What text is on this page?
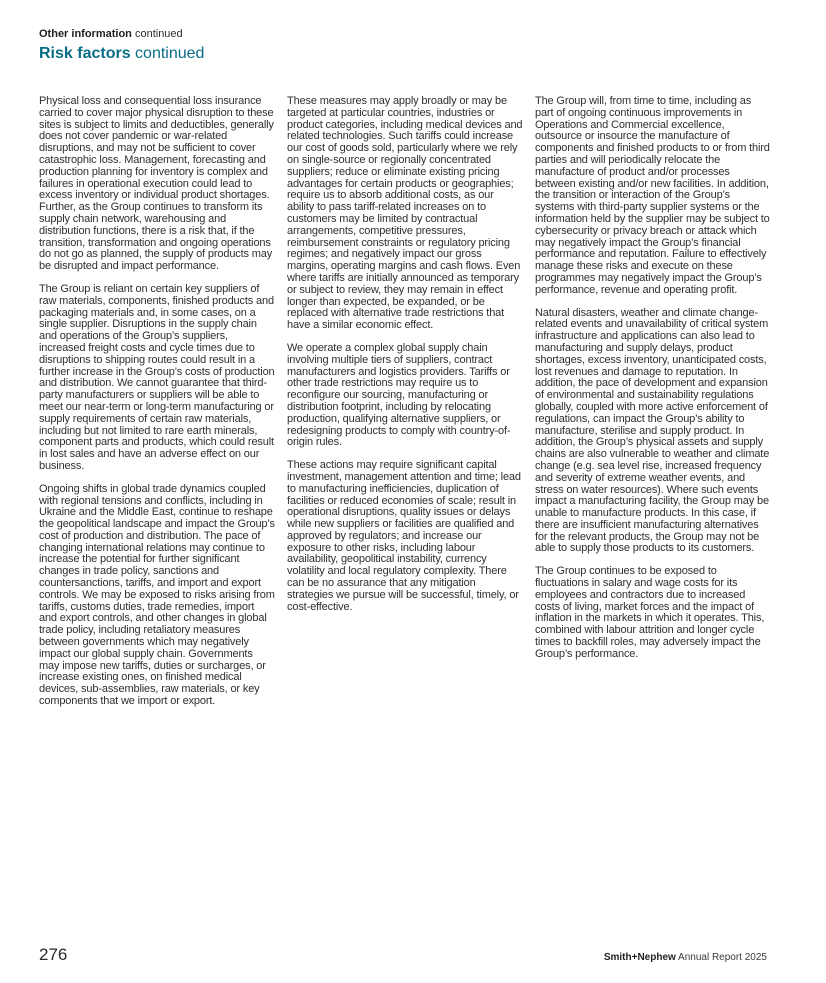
Other information continued
Risk factors continued

Physical loss and consequential loss insurance carried to cover major physical disruption to these sites is subject to limits and deductibles, generally does not cover pandemic or war-related disruptions, and may not be sufficient to cover catastrophic loss. Management, forecasting and production planning for inventory is complex and failures in operational execution could lead to excess inventory or individual product shortages. Further, as the Group continues to transform its supply chain network, warehousing and distribution functions, there is a risk that, if the transition, transformation and ongoing operations do not go as planned, the supply of products may be disrupted and impact performance.

The Group is reliant on certain key suppliers of raw materials, components, finished products and packaging materials and, in some cases, on a single supplier. Disruptions in the supply chain and operations of the Group’s suppliers, increased freight costs and cycle times due to disruptions to shipping routes could result in a further increase in the Group’s costs of production and distribution. We cannot guarantee that third-party manufacturers or suppliers will be able to meet our near-term or long-term manufacturing or supply requirements of certain raw materials, including but not limited to rare earth minerals, component parts and products, which could result in lost sales and have an adverse effect on our business.

Ongoing shifts in global trade dynamics coupled with regional tensions and conflicts, including in Ukraine and the Middle East, continue to reshape the geopolitical landscape and impact the Group’s cost of production and distribution. The pace of changing international relations may continue to increase the potential for further significant changes in trade policy, sanctions and countersanctions, tariffs, and import and export controls. We may be exposed to risks arising from tariffs, customs duties, trade remedies, import and export controls, and other changes in global trade policy, including retaliatory measures between governments which may negatively impact our global supply chain. Governments may impose new tariffs, duties or surcharges, or increase existing ones, on finished medical devices, sub-assemblies, raw materials, or key components that we import or export.

These measures may apply broadly or may be targeted at particular countries, industries or product categories, including medical devices and related technologies. Such tariffs could increase our cost of goods sold, particularly where we rely on single-source or regionally concentrated suppliers; reduce or eliminate existing pricing advantages for certain products or geographies; require us to absorb additional costs, as our ability to pass tariff-related increases on to customers may be limited by contractual arrangements, competitive pressures, reimbursement constraints or regulatory pricing regimes; and negatively impact our gross margins, operating margins and cash flows. Even where tariffs are initially announced as temporary or subject to review, they may remain in effect longer than expected, be expanded, or be replaced with alternative trade restrictions that have a similar economic effect.

We operate a complex global supply chain involving multiple tiers of suppliers, contract manufacturers and logistics providers. Tariffs or other trade restrictions may require us to reconfigure our sourcing, manufacturing or distribution footprint, including by relocating production, qualifying alternative suppliers, or redesigning products to comply with country-of-origin rules.

These actions may require significant capital investment, management attention and time; lead to manufacturing inefficiencies, duplication of facilities or reduced economies of scale; result in operational disruptions, quality issues or delays while new suppliers or facilities are qualified and approved by regulators; and increase our exposure to other risks, including labour availability, geopolitical instability, currency volatility and local regulatory complexity. There can be no assurance that any mitigation strategies we pursue will be successful, timely, or cost-effective.

The Group will, from time to time, including as part of ongoing continuous improvements in Operations and Commercial excellence, outsource or insource the manufacture of components and finished products to or from third parties and will periodically relocate the manufacture of product and/or processes between existing and/or new facilities. In addition, the transition or interaction of the Group’s systems with third-party supplier systems or the information held by the supplier may be subject to cybersecurity or privacy breach or attack which may negatively impact the Group’s financial performance and reputation. Failure to effectively manage these risks and execute on these programmes may negatively impact the Group’s performance, revenue and operating profit.

Natural disasters, weather and climate change-related events and unavailability of critical system infrastructure and applications can also lead to manufacturing and supply delays, product shortages, excess inventory, unanticipated costs, lost revenues and damage to reputation. In addition, the pace of development and expansion of environmental and sustainability regulations globally, coupled with more active enforcement of regulations, can impact the Group’s ability to manufacture, sterilise and supply product. In addition, the Group’s physical assets and supply chains are also vulnerable to weather and climate change (e.g. sea level rise, increased frequency and severity of extreme weather events, and stress on water resources). Where such events impact a manufacturing facility, the Group may be unable to manufacture products. In this case, if there are insufficient manufacturing alternatives for the relevant products, the Group may not be able to supply those products to its customers.

The Group continues to be exposed to fluctuations in salary and wage costs for its employees and contractors due to increased costs of living, market forces and the impact of inflation in the markets in which it operates. This, combined with labour attrition and longer cycle times to backfill roles, may adversely impact the Group’s performance.

276	Smith+Nephew Annual Report 2025
